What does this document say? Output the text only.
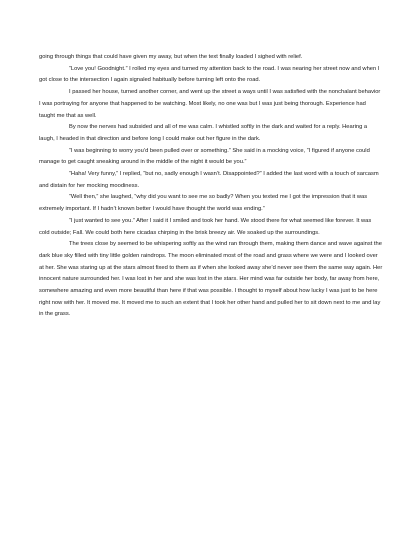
going through things that could have given my away, but when the text finally loaded I sighed with relief.

“Love you! Goodnight.” I rolled my eyes and turned my attention back to the road. I was nearing her street now and when I got close to the intersection I again signaled habitually before turning left onto the road.

I passed her house, turned another corner, and went up the street a ways until I was satisfied with the nonchalant behavior I was portraying for anyone that happened to be watching. Most likely, no one was but I was just being thorough. Experience had taught me that as well.

By now the nerves had subsided and all of me was calm. I whistled softly in the dark and waited for a reply. Hearing a laugh, I headed in that direction and before long I could make out her figure in the dark.

“I was beginning to worry you’d been pulled over or something.” She said in a mocking voice, “I figured if anyone could manage to get caught sneaking around in the middle of the night it would be you.”

“Haha! Very funny,” I replied, “but no, sadly enough I wasn’t. Disappointed?” I added the last word with a touch of sarcasm and distain for her mocking moodiness.

“Well then,” she laughed, “why did you want to see me so badly? When you texted me I got the impression that it was extremely important. If I hadn’t known better I would have thought the world was ending.”

“I just wanted to see you.” After I said it I smiled and took her hand. We stood there for what seemed like forever. It was cold outside; Fall. We could both here cicadas chirping in the brisk breezy air. We soaked up the surroundings.

The trees close by seemed to be whispering softly as the wind ran through them, making them dance and wave against the dark blue sky filled with tiny little golden raindrops. The moon eliminated most of the road and grass where we were and I looked over at her. She was staring up at the stars almost fixed to them as if when she looked away she’d never see them the same way again. Her innocent nature surrounded her. I was lost in her and she was lost in the stars. Her mind was far outside her body, far away from here, somewhere amazing and even more beautiful than here if that was possible. I thought to myself about how lucky I was just to be here right now with her. It moved me. It moved me to such an extent that I took her other hand and pulled her to sit down next to me and lay in the grass.
